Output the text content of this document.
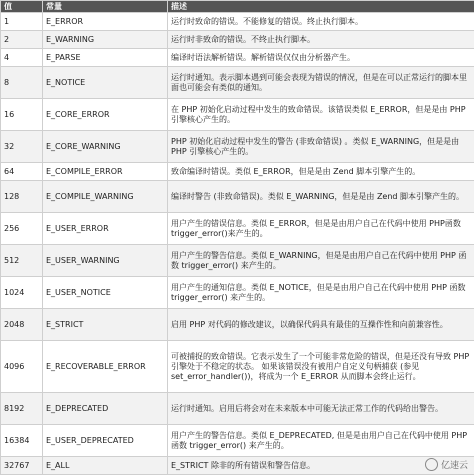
值	常量	描述
1	E_ERROR	运行时致命的错误。不能修复的错误。终止执行脚本。
2	E_WARNING	运行时非致命的错误。不终止执行脚本。
4	E_PARSE	编译时语法解析错误。解析错误仅仅由分析器产生。
8	E_NOTICE	运行时通知。表示脚本遇到可能会表现为错误的情况，但是在可以正常运行的脚本里面也可能会有类似的通知。
16	E_CORE_ERROR	在 PHP 初始化启动过程中发生的致命错误。该错误类似 E_ERROR，但是是由 PHP 引擎核心产生的。
32	E_CORE_WARNING	PHP 初始化启动过程中发生的警告 (非致命错误) 。类似 E_WARNING，但是是由 PHP 引擎核心产生的。
64	E_COMPILE_ERROR	致命编译时错误。类似 E_ERROR，但是是由 Zend 脚本引擎产生的。
128	E_COMPILE_WARNING	编译时警告 (非致命错误)。类似 E_WARNING，但是是由 Zend 脚本引擎产生的。
256	E_USER_ERROR	用户产生的错误信息。类似 E_ERROR，但是是由用户自己在代码中使用 PHP函数 trigger_error()来产生的。
512	E_USER_WARNING	用户产生的警告信息。类似 E_WARNING，但是是由用户自己在代码中使用 PHP 函数 trigger_error() 来产生的。
1024	E_USER_NOTICE	用户产生的通知信息。类似 E_NOTICE，但是是由用户自己在代码中使用 PHP 函数 trigger_error() 来产生的。
2048	E_STRICT	启用 PHP 对代码的修改建议，以确保代码具有最佳的互操作性和向前兼容性。
4096	E_RECOVERABLE_ERROR	可被捕捉的致命错误。它表示发生了一个可能非常危险的错误，但是还没有导致 PHP 引擎处于不稳定的状态。 如果该错误没有被用户自定义句柄捕获 (参见 set_error_handler())，将成为一个 E_ERROR 从而脚本会终止运行。
8192	E_DEPRECATED	运行时通知。启用后将会对在未来版本中可能无法正常工作的代码给出警告。
16384	E_USER_DEPRECATED	用户产生的警告信息。类似 E_DEPRECATED, 但是是由用户自己在代码中使用 PHP 函数 trigger_error() 来产生的。
32767	E_ALL	E_STRICT 除非的所有错误和警告信息。	亿速云
